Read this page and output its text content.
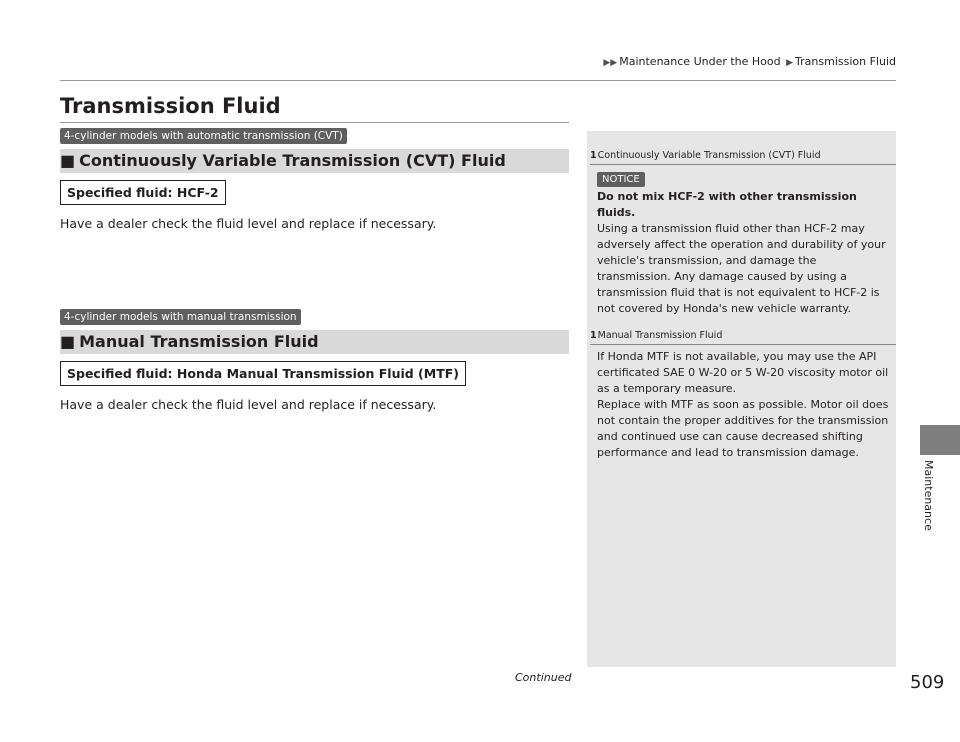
▶▶ Maintenance Under the Hood ▶ Transmission Fluid
Transmission Fluid
4-cylinder models with automatic transmission (CVT)
■ Continuously Variable Transmission (CVT) Fluid
Specified fluid: HCF-2
Have a dealer check the fluid level and replace if necessary.
4-cylinder models with manual transmission
■ Manual Transmission Fluid
Specified fluid: Honda Manual Transmission Fluid (MTF)
Have a dealer check the fluid level and replace if necessary.
1Continuously Variable Transmission (CVT) Fluid
NOTICE

Do not mix HCF-2 with other transmission fluids.

Using a transmission fluid other than HCF-2 may adversely affect the operation and durability of your vehicle's transmission, and damage the transmission. Any damage caused by using a transmission fluid that is not equivalent to HCF-2 is not covered by Honda's new vehicle warranty.

1Manual Transmission Fluid

If Honda MTF is not available, you may use the API certificated SAE 0 W-20 or 5 W-20 viscosity motor oil as a temporary measure.

Replace with MTF as soon as possible. Motor oil does not contain the proper additives for the transmission and continued use can cause decreased shifting performance and lead to transmission damage.

Maintenance
Continued	509
